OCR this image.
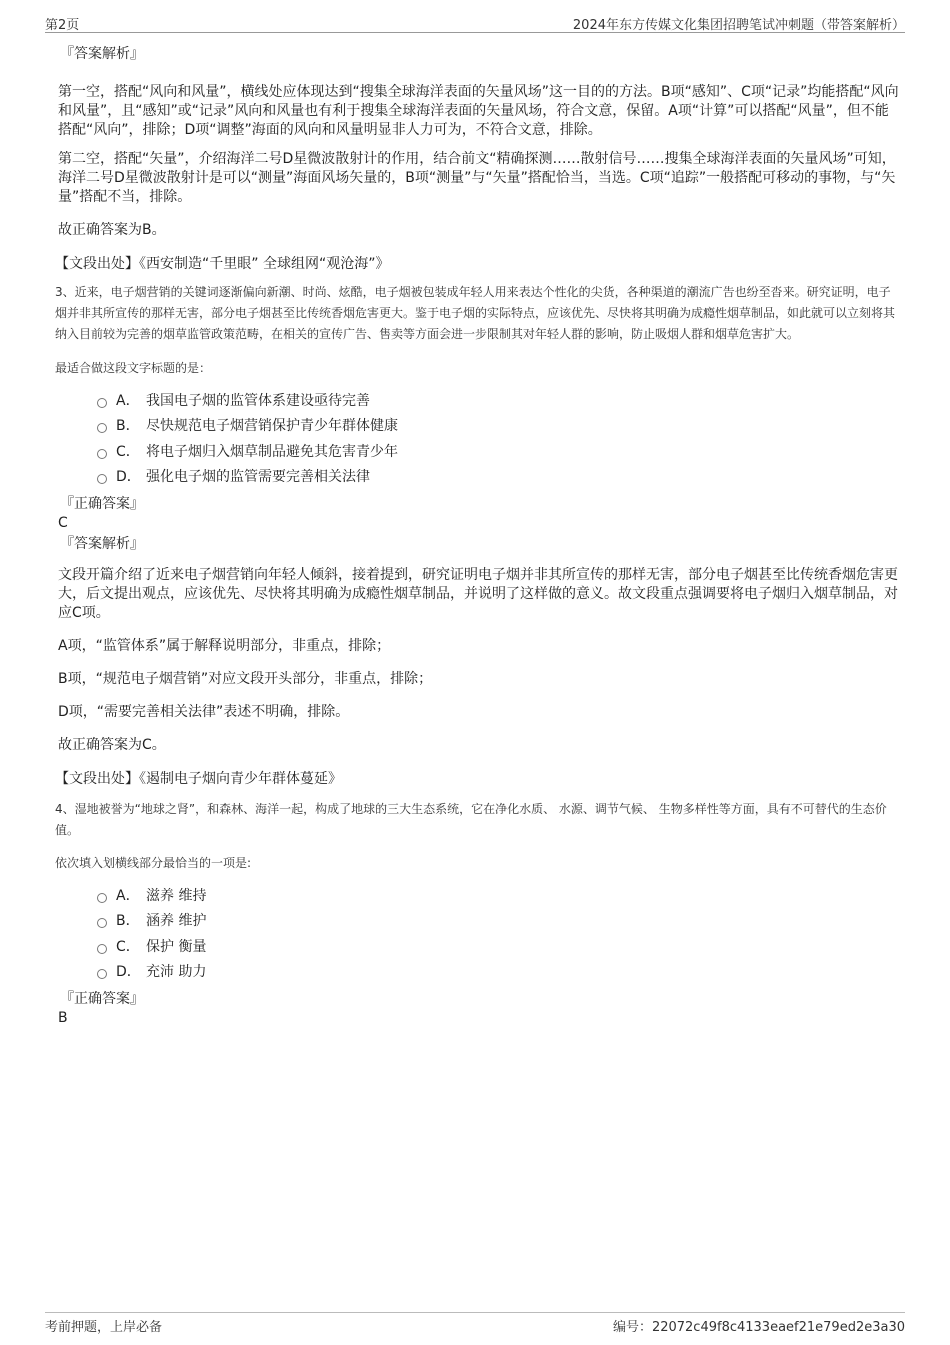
第2页	2024年东方传媒文化集团招聘笔试冲刺题（带答案解析）
『答案解析』

第一空，搭配“风向和风量”，横线处应体现达到“搜集全球海洋表面的矢量风场”这一目的的方法。B项“感知”、C项“记录”均能搭配“风向和风量”，且“感知”或“记录”风向和风量也有利于搜集全球海洋表面的矢量风场，符合文意，保留。A项“计算”可以搭配“风量”，但不能搭配“风向”，排除；D项“调整”海面的风向和风量明显非人力可为，不符合文意，排除。

第二空，搭配“矢量”，介绍海洋二号D星微波散射计的作用，结合前文“精确探测……散射信号……搜集全球海洋表面的矢量风场”可知，海洋二号D星微波散射计是可以“测量”海面风场矢量的，B项“测量”与“矢量”搭配恰当，当选。C项“追踪”一般搭配可移动的事物，与“矢量”搭配不当，排除。

故正确答案为B。

【文段出处】《西安制造“千里眼” 全球组网“观沧海”》

3、近来，电子烟营销的关键词逐渐偏向新潮、时尚、炫酷，电子烟被包装成年轻人用来表达个性化的尖货，各种渠道的潮流广告也纷至沓来。研究证明，电子烟并非其所宣传的那样无害，部分电子烟甚至比传统香烟危害更大。鉴于电子烟的实际特点，应该优先、尽快将其明确为成瘾性烟草制品，如此就可以立刻将其纳入目前较为完善的烟草监管政策范畴，在相关的宣传广告、售卖等方面会进一步限制其对年轻人群的影响，防止吸烟人群和烟草危害扩大。

最适合做这段文字标题的是：

A． 我国电子烟的监管体系建设亟待完善
B． 尽快规范电子烟营销保护青少年群体健康
C． 将电子烟归入烟草制品避免其危害青少年
D． 强化电子烟的监管需要完善相关法律
『正确答案』

C

『答案解析』

文段开篇介绍了近来电子烟营销向年轻人倾斜，接着提到，研究证明电子烟并非其所宣传的那样无害，部分电子烟甚至比传统香烟危害更大，后文提出观点，应该优先、尽快将其明确为成瘾性烟草制品，并说明了这样做的意义。故文段重点强调要将电子烟归入烟草制品，对应C项。

A项，“监管体系”属于解释说明部分，非重点，排除；

B项，“规范电子烟营销”对应文段开头部分，非重点，排除；

D项，“需要完善相关法律”表述不明确，排除。

故正确答案为C。

【文段出处】《遏制电子烟向青少年群体蔓延》

4、湿地被誉为“地球之肾”，和森林、海洋一起，构成了地球的三大生态系统，它在净化水质、 水源、调节气候、 生物多样性等方面，具有不可替代的生态价值。

依次填入划横线部分最恰当的一项是:

A． 滋养 维持
B． 涵养 维护
C． 保护 衡量
D． 充沛 助力
『正确答案』

B

考前押题，上岸必备	编号：22072c49f8c4133eaef21e79ed2e3a30
